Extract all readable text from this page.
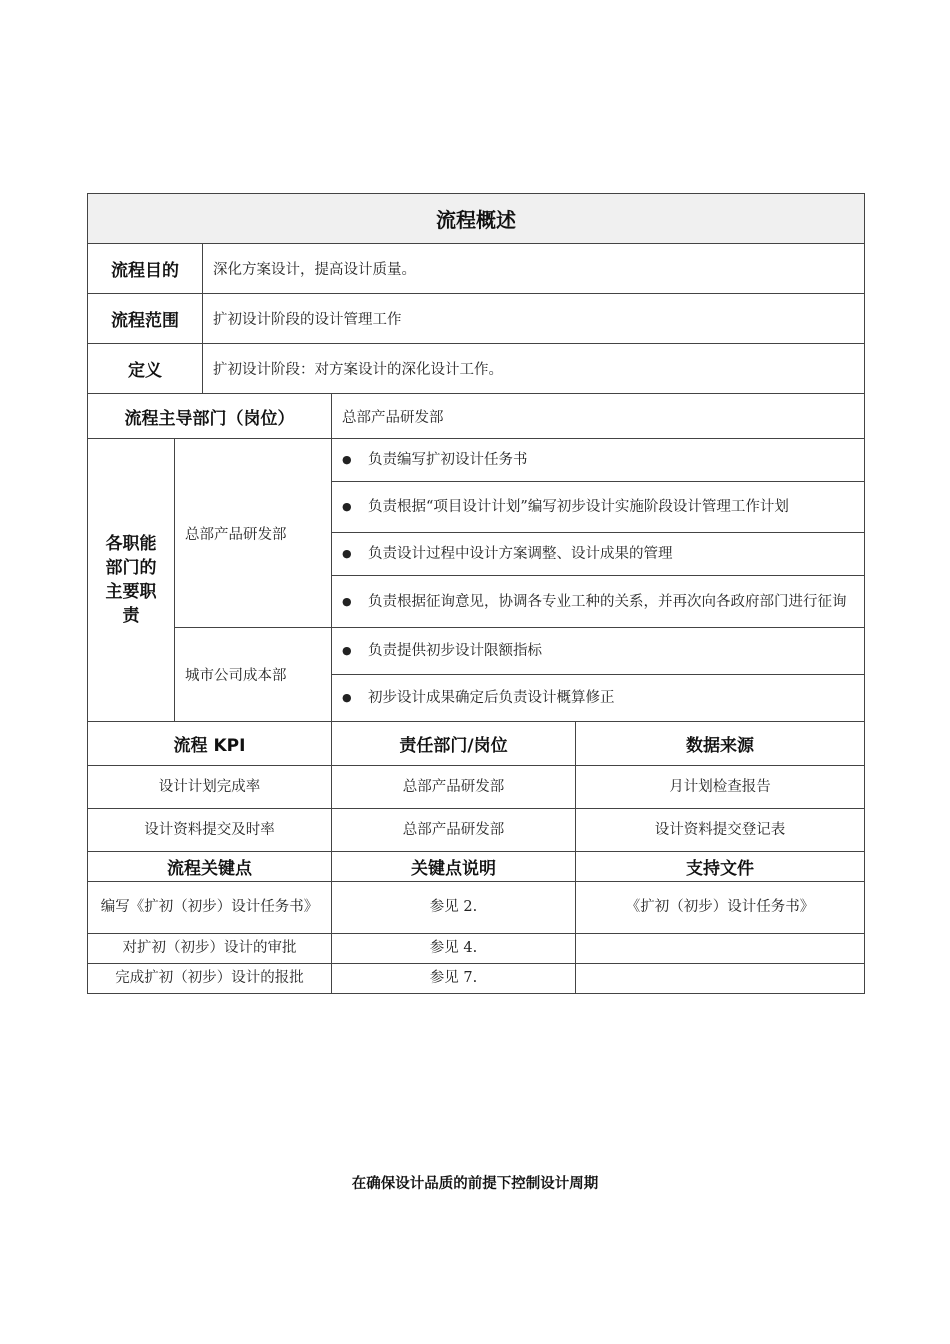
流程概述				
流程目的		深化方案设计，提高设计质量。		
流程范围		扩初设计阶段的设计管理工作		
定义		扩初设计阶段：对方案设计的深化设计工作。		
流程主导部门（岗位）			总部产品研发部	
各职能部门的主要职责	总部产品研发部		● 负责编写扩初设计任务书	

			● 负责根据“项目设计计划”编写初步设计实施阶段设计管理工作计划	

			● 负责设计过程中设计方案调整、设计成果的管理	

			● 负责根据征询意见，协调各专业工种的关系，并再次向各政府部门进行征询	

	城市公司成本部		● 负责提供初步设计限额指标	

			● 初步设计成果确定后负责设计概算修正	

流程 KPI			责任部门/岗位	数据来源
设计计划完成率			总部产品研发部	月计划检查报告
设计资料提交及时率			总部产品研发部	设计资料提交登记表
流程关键点			关键点说明	支持文件
编写《扩初（初步）设计任务书》			参见 2.	《扩初（初步）设计任务书》
对扩初（初步）设计的审批			参见 4.	
完成扩初（初步）设计的报批			参见 7.	
在确保设计品质的前提下控制设计周期
